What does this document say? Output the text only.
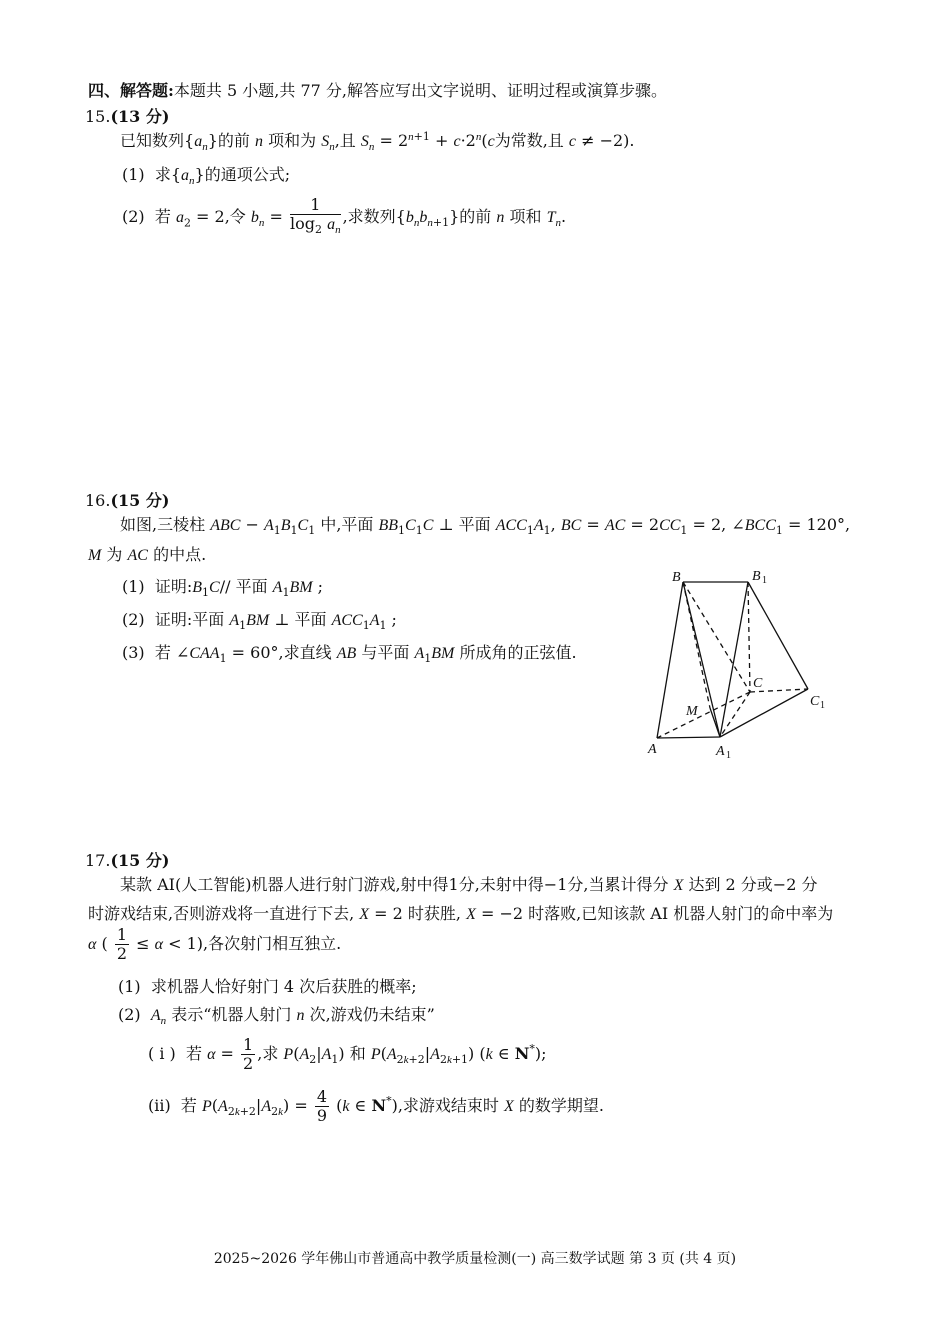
四、解答题:本题共 5 小题,共 77 分,解答应写出文字说明、证明过程或演算步骤。
15.(13 分)
已知数列$\{a_n\}$的前 n 项和为 $S_n$,且 $S_n = 2^{n+1} + c\cdot 2^n(c$为常数,且 c ≠ −2).
(1) 求$\{a_n\}$的通项公式;
(2) 若 $a_2 = 2$,令 $b_n = \frac{1}{\log_2 a_n}$ ,求数列$\{b_nb_{n+1}\}$的前 n 项和 $T_n$.
16.(15 分)
如图,三棱柱 ABC − $A_1B_1C_1$ 中,平面 $BB_1C_1C$ ⊥ 平面 $ACC_1A_1$, BC = AC = $2CC_1 = 2$, $\angle BCC_1 = 120^\circ$,
M 为 AC 的中点.
(1) 证明$:B_1C//$ 平面 $A_1BM$ ;
(2) 证明:平面 $A_1BM$ ⊥ 平面 $ACC_1A_1$ ;
(3) 若 $\angle CAA_1 = 60^\circ$,求直线 AB 与平面 $A_1BM$ 所成角的正弦值.
B	B 1
C
C 1
M
A	A 1
17.(15 分)
某款 AI(人工智能)机器人进行射门游戏,射中得1分,未射中得−1分,当累计得分 X 达到 2 分或−2 分
时游戏结束,否则游戏将一直进行下去, X = 2 时获胜, X = −2 时落败,已知该款 AI 机器人射门的命中率为
α ( $\frac{1}{2} \le \alpha < 1$),各次射门相互独立.
(1) 求机器人恰好射门 4 次后获胜的概率;
(2) $A_n$ 表示“机器人射门 n 次,游戏仍未结束”
( i ) 若 $\alpha = \frac{1}{2}$ ,求 $P(A_2|A_1)$ 和 $P(A_{2k+2}|A_{2k+1})$ (k ∈ N*);
(ii) 若 $P(A_{2k+2}|A_{2k}) = \frac{4}{9} (k$ ∈ N*),求游戏结束时 X 的数学期望.
2025~2026 学年佛山市普通高中教学质量检测(一) 高三数学试题 第 3 页 (共 4 页)
